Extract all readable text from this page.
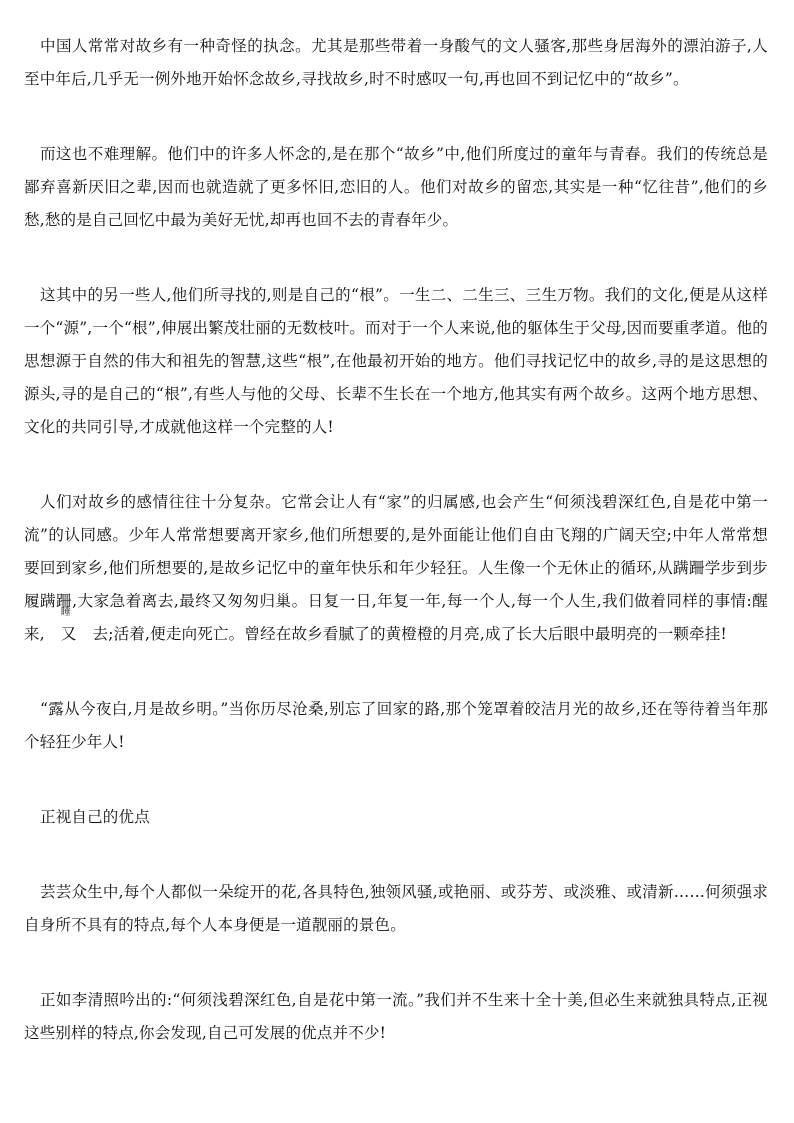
中国人常常对故乡有一种奇怪的执念。尤其是那些带着一身酸气的文人骚客,那些身居海外的漂泊游子,人至中年后,几乎无一例外地开始怀念故乡,寻找故乡,时不时感叹一句,再也回不到记忆中的“故乡”。

而这也不难理解。他们中的许多人怀念的,是在那个“故乡”中,他们所度过的童年与青春。我们的传统总是鄙弃喜新厌旧之辈,因而也就造就了更多怀旧,恋旧的人。他们对故乡的留恋,其实是一种“忆往昔”,他们的乡愁,愁的是自己回忆中最为美好无忧,却再也回不去的青春年少。

这其中的另一些人,他们所寻找的,则是自己的“根”。一生二、二生三、三生万物。我们的文化,便是从这样一个“源”,一个“根”,伸展出繁茂壮丽的无数枝叶。而对于一个人来说,他的躯体生于父母,因而要重孝道。他的思想源于自然的伟大和祖先的智慧,这些“根”,在他最初开始的地方。他们寻找记忆中的故乡,寻的是这思想的源头,寻的是自己的“根”,有些人与他的父母、长辈不生长在一个地方,他其实有两个故乡。这两个地方思想、文化的共同引导,才成就他这样一个完整的人!

人们对故乡的感情往往十分复杂。它常会让人有“家”的归属感,也会产生“何须浅碧深红色,自是花中第一流”的认同感。少年人常常想要离开家乡,他们所想要的,是外面能让他们自由飞翔的广阔天空;中年人常常想要回到家乡,他们所想要的,是故乡记忆中的童年快乐和年少轻狂。人生像一个无休止的循环,从蹒跚学步到步履蹒跚,大家急着离去,最终又匆匆归巢。日复一日,年复一年,每一个人,每一个人生,我们做着同样的事情:醒来,
睡
又 去;活着,便走向死亡。曾经在故乡看腻了的黄橙橙的月亮,成了长大后眼中最明亮的一颗牵挂!

“露从今夜白,月是故乡明。”当你历尽沧桑,别忘了回家的路,那个笼罩着皎洁月光的故乡,还在等待着当年那个轻狂少年人!

正视自己的优点

芸芸众生中,每个人都似一朵绽开的花,各具特色,独领风骚,或艳丽、或芬芳、或淡雅、或清新……何须强求自身所不具有的特点,每个人本身便是一道靓丽的景色。

正如李清照吟出的:“何须浅碧深红色,自是花中第一流。”我们并不生来十全十美,但必生来就独具特点,正视这些别样的特点,你会发现,自己可发展的优点并不少!
